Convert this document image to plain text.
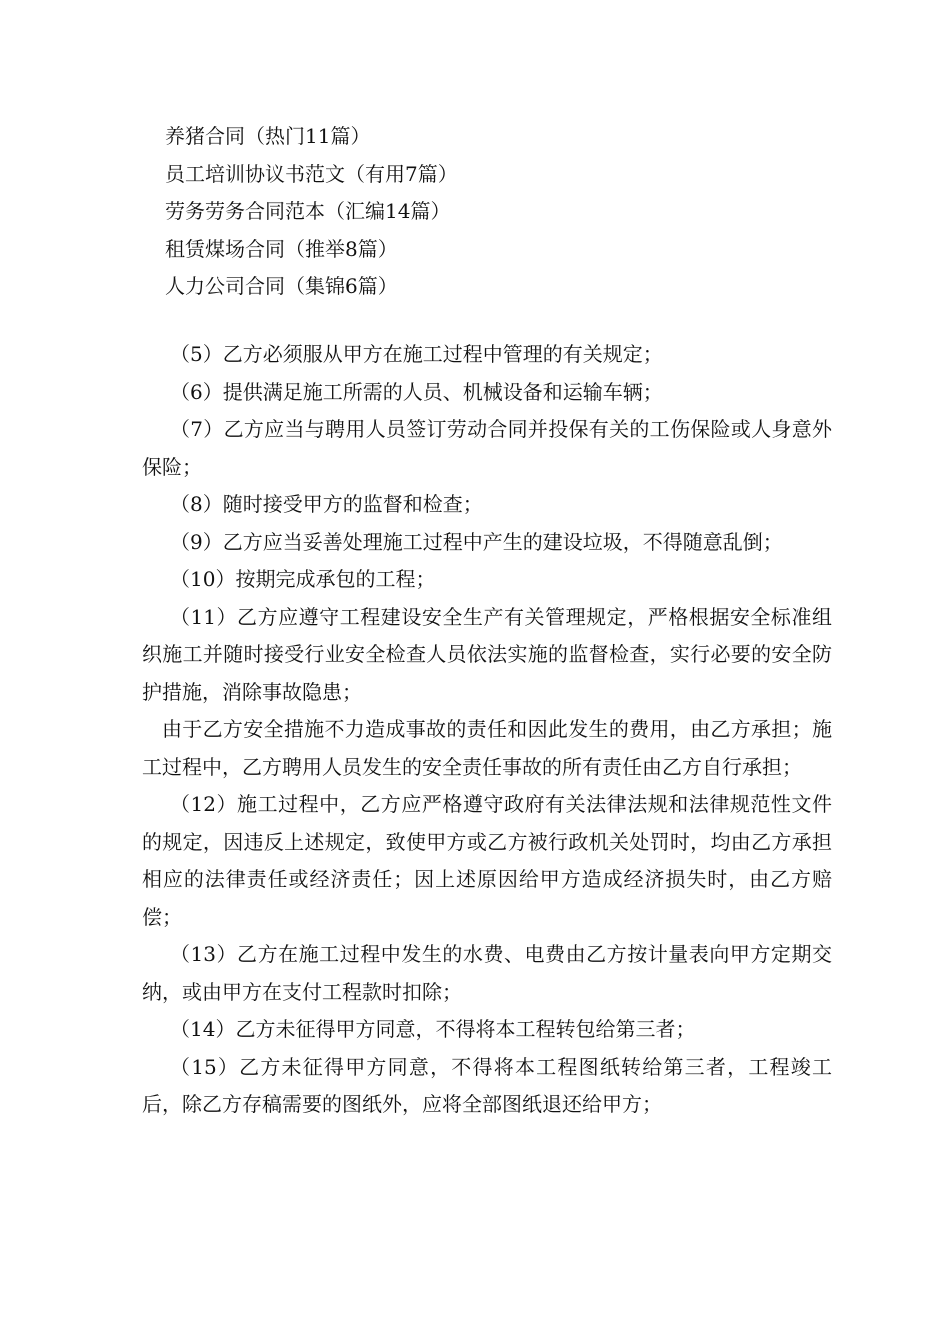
养猪合同（热门11篇）
员工培训协议书范文（有用7篇）
劳务劳务合同范本（汇编14篇）
租赁煤场合同（推举8篇）
人力公司合同（集锦6篇）

（5）乙方必须服从甲方在施工过程中管理的有关规定；

（6）提供满足施工所需的人员、机械设备和运输车辆；

（7）乙方应当与聘用人员签订劳动合同并投保有关的工伤保险或人身意外保险；

（8）随时接受甲方的监督和检查；

（9）乙方应当妥善处理施工过程中产生的建设垃圾，不得随意乱倒；

（10）按期完成承包的工程；

（11）乙方应遵守工程建设安全生产有关管理规定，严格根据安全标准组织施工并随时接受行业安全检查人员依法实施的监督检查，实行必要的安全防护措施，消除事故隐患；

由于乙方安全措施不力造成事故的责任和因此发生的费用，由乙方承担；施工过程中，乙方聘用人员发生的安全责任事故的所有责任由乙方自行承担；

（12）施工过程中，乙方应严格遵守政府有关法律法规和法律规范性文件的规定，因违反上述规定，致使甲方或乙方被行政机关处罚时，均由乙方承担相应的法律责任或经济责任；因上述原因给甲方造成经济损失时，由乙方赔偿；

（13）乙方在施工过程中发生的水费、电费由乙方按计量表向甲方定期交纳，或由甲方在支付工程款时扣除；

（14）乙方未征得甲方同意，不得将本工程转包给第三者；

（15）乙方未征得甲方同意，不得将本工程图纸转给第三者，工程竣工后，除乙方存稿需要的图纸外，应将全部图纸退还给甲方；
